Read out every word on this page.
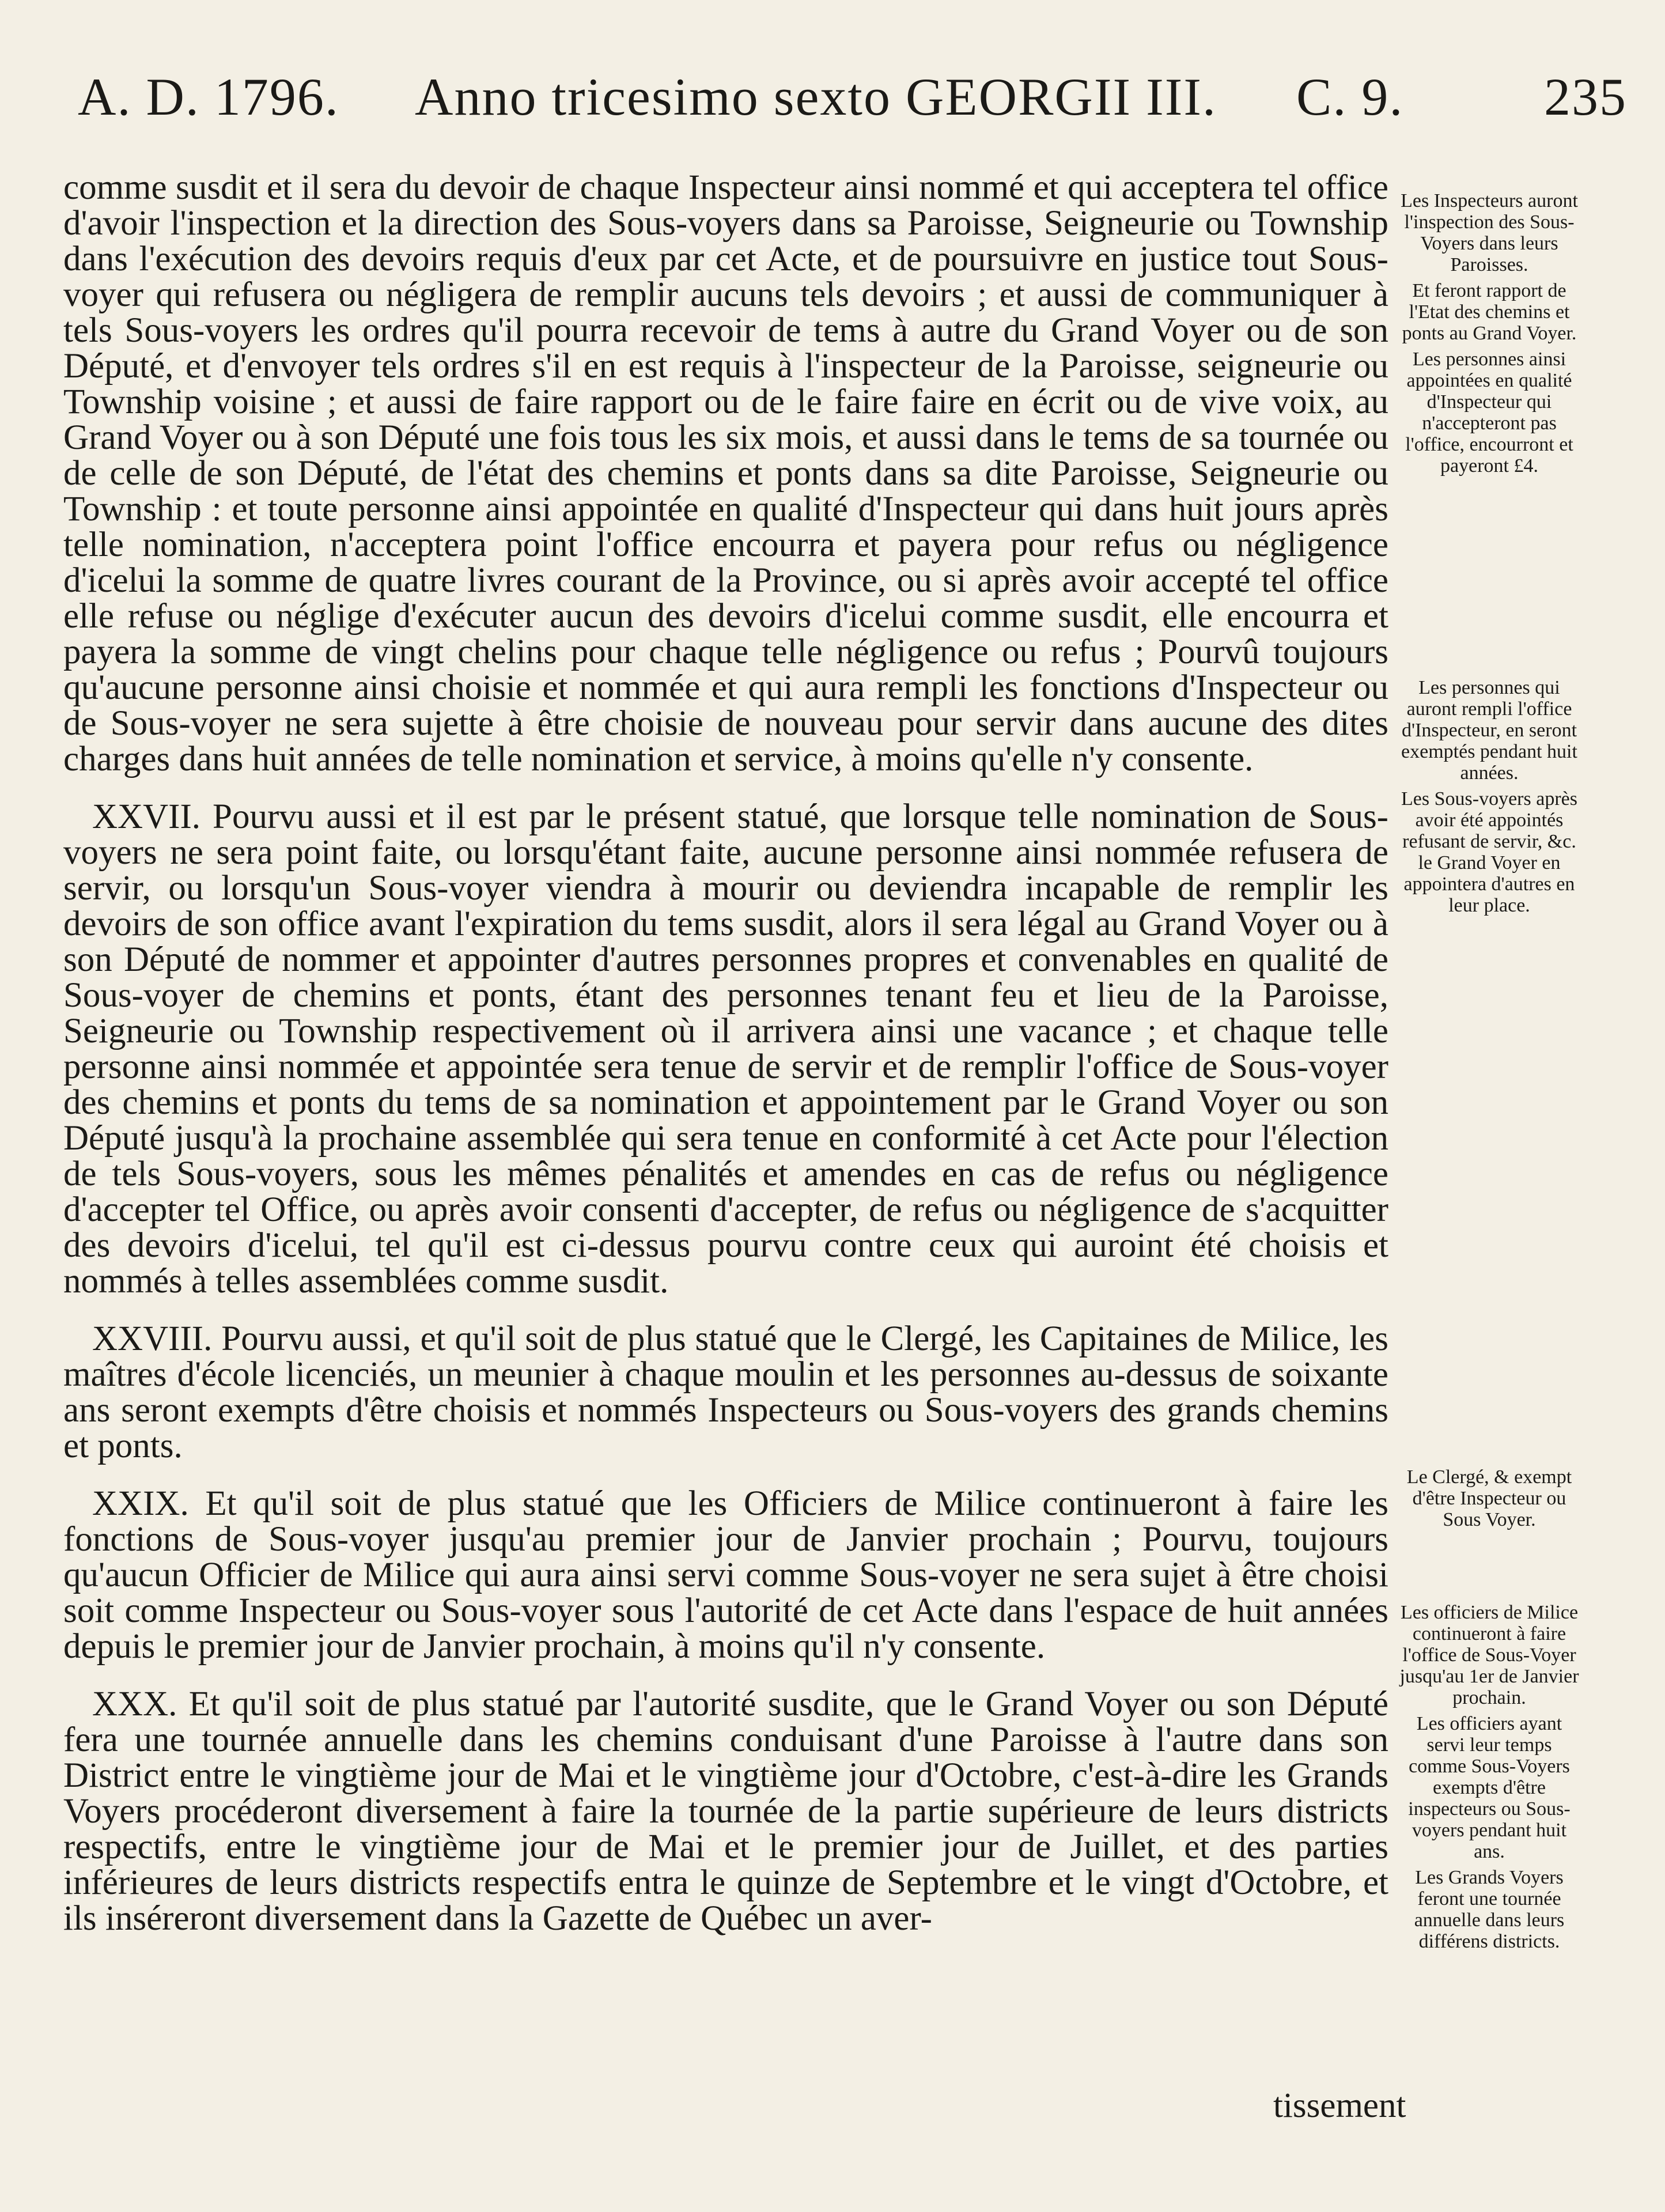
A. D. 1796. Anno tricesimo sexto GEORGII III. C. 9.	235

comme susdit et il sera du devoir de chaque Inspecteur ainsi nommé et qui acceptera tel office d'avoir l'inspection et la direction des Sous-voyers dans sa Paroisse, Seigneurie ou Township dans l'exécution des devoirs requis d'eux par cet Acte, et de poursuivre en justice tout Sous-voyer qui refusera ou négligera de remplir aucuns tels devoirs ; et aussi de communiquer à tels Sous-voyers les ordres qu'il pourra recevoir de tems à autre du Grand Voyer ou de son Député, et d'envoyer tels ordres s'il en est requis à l'inspecteur de la Paroisse, seigneurie ou Township voisine ; et aussi de faire rapport ou de le faire faire en écrit ou de vive voix, au Grand Voyer ou à son Député une fois tous les six mois, et aussi dans le tems de sa tournée ou de celle de son Député, de l'état des chemins et ponts dans sa dite Paroisse, Seigneurie ou Township : et toute personne ainsi appointée en qualité d'Inspecteur qui dans huit jours après telle nomination, n'acceptera point l'office encourra et payera pour refus ou négligence d'icelui la somme de quatre livres courant de la Province, ou si après avoir accepté tel office elle refuse ou néglige d'exécuter aucun des devoirs d'icelui comme susdit, elle encourra et payera la somme de vingt chelins pour chaque telle négligence ou refus ; Pourvû toujours qu'aucune personne ainsi choisie et nommée et qui aura rempli les fonctions d'Inspecteur ou de Sous-voyer ne sera sujette à être choisie de nouveau pour servir dans aucune des dites charges dans huit années de telle nomination et service, à moins qu'elle n'y consente.

XXVII. Pourvu aussi et il est par le présent statué, que lorsque telle nomination de Sous-voyers ne sera point faite, ou lorsqu'étant faite, aucune personne ainsi nommée refusera de servir, ou lorsqu'un Sous-voyer viendra à mourir ou deviendra incapable de remplir les devoirs de son office avant l'expiration du tems susdit, alors il sera légal au Grand Voyer ou à son Député de nommer et appointer d'autres personnes propres et convenables en qualité de Sous-voyer de chemins et ponts, étant des personnes tenant feu et lieu de la Paroisse, Seigneurie ou Township respectivement où il arrivera ainsi une vacance ; et chaque telle personne ainsi nommée et appointée sera tenue de servir et de remplir l'office de Sous-voyer des chemins et ponts du tems de sa nomination et appointement par le Grand Voyer ou son Député jusqu'à la prochaine assemblée qui sera tenue en conformité à cet Acte pour l'élection de tels Sous-voyers, sous les mêmes pénalités et amendes en cas de refus ou négligence d'accepter tel Office, ou après avoir consenti d'accepter, de refus ou négligence de s'acquitter des devoirs d'icelui, tel qu'il est ci-dessus pourvu contre ceux qui auroint été choisis et nommés à telles assemblées comme susdit.

XXVIII. Pourvu aussi, et qu'il soit de plus statué que le Clergé, les Capitaines de Milice, les maîtres d'école licenciés, un meunier à chaque moulin et les personnes au-dessus de soixante ans seront exempts d'être choisis et nommés Inspecteurs ou Sous-voyers des grands chemins et ponts.

XXIX. Et qu'il soit de plus statué que les Officiers de Milice continueront à faire les fonctions de Sous-voyer jusqu'au premier jour de Janvier prochain ; Pourvu, toujours qu'aucun Officier de Milice qui aura ainsi servi comme Sous-voyer ne sera sujet à être choisi soit comme Inspecteur ou Sous-voyer sous l'autorité de cet Acte dans l'espace de huit années depuis le premier jour de Janvier prochain, à moins qu'il n'y consente.

XXX. Et qu'il soit de plus statué par l'autorité susdite, que le Grand Voyer ou son Député fera une tournée annuelle dans les chemins conduisant d'une Paroisse à l'autre dans son District entre le vingtième jour de Mai et le vingtième jour d'Octobre, c'est-à-dire les Grands Voyers procéderont diversement à faire la tournée de la partie supérieure de leurs districts respectifs, entre le vingtième jour de Mai et le premier jour de Juillet, et des parties inférieures de leurs districts respectifs entra le quinze de Septembre et le vingt d'Octobre, et ils inséreront diversement dans la Gazette de Québec un aver-

tissement

Les Inspecteurs auront l'inspection des Sous-Voyers dans leurs Paroisses.

Et feront rapport de l'Etat des chemins et ponts au Grand Voyer.

Les personnes ainsi appointées en qualité d'Inspecteur qui n'accepteront pas l'office, encourront et payeront £4.

Les personnes qui auront rempli l'office d'Inspecteur, en seront exemptés pendant huit années.

Les Sous-voyers après avoir été appointés refusant de servir, &c. le Grand Voyer en appointera d'autres en leur place.

Le Clergé, & exempt d'être Inspecteur ou Sous Voyer.

Les officiers de Milice continueront à faire l'office de Sous-Voyer jusqu'au 1er de Janvier prochain.

Les officiers ayant servi leur temps comme Sous-Voyers exempts d'être inspecteurs ou Sous-voyers pendant huit ans.

Les Grands Voyers feront une tournée annuelle dans leurs différens districts.
